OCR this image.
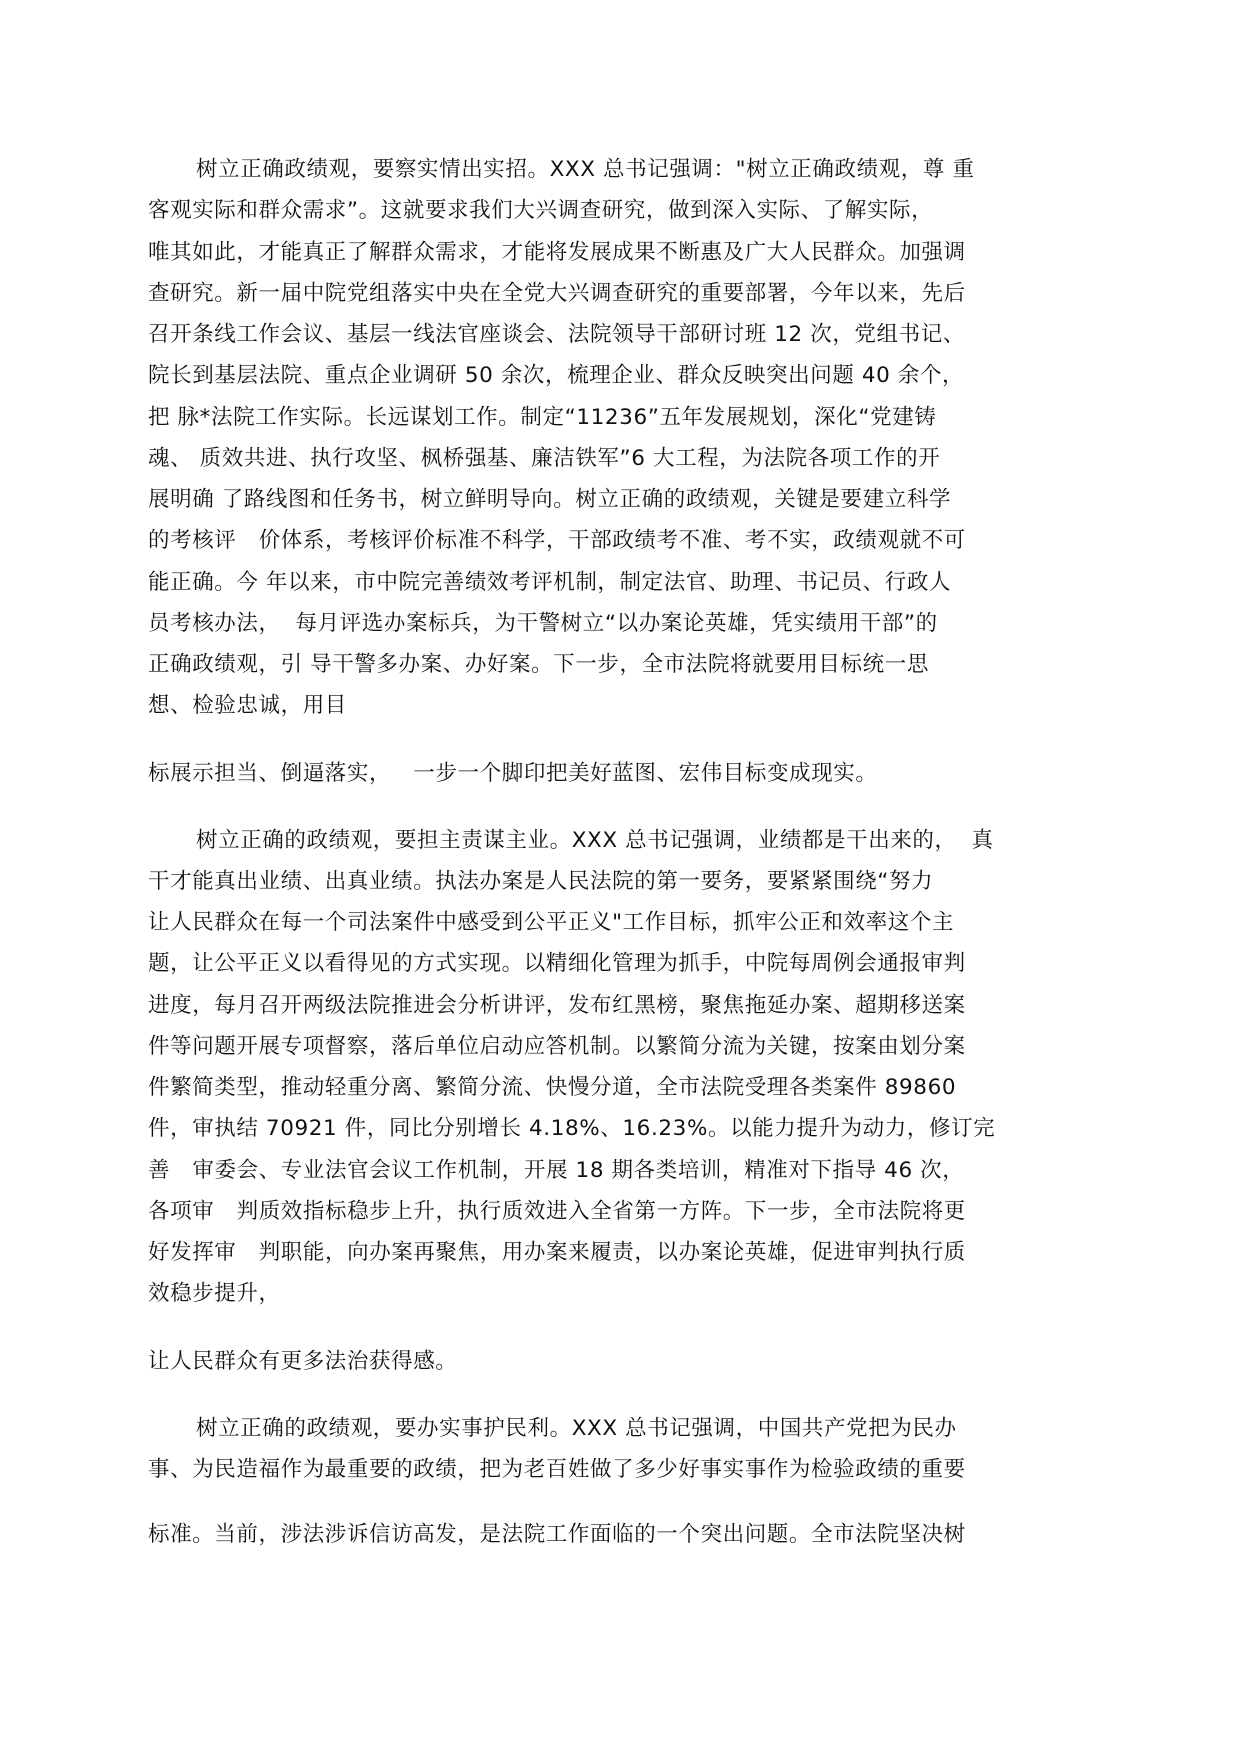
树立正确政绩观，要察实情出实招。XXX 总书记强调："树立正确政绩观，尊 重

客观实际和群众需求”。这就要求我们大兴调查研究，做到深入实际、了解实际，

唯其如此，才能真正了解群众需求，才能将发展成果不断惠及广大人民群众。加强调

查研究。新一届中院党组落实中央在全党大兴调查研究的重要部署，今年以来，先后

召开条线工作会议、基层一线法官座谈会、法院领导干部研讨班 12 次，党组书记、

院长到基层法院、重点企业调研 50 余次，梳理企业、群众反映突出问题 40 余个，

把 脉*法院工作实际。长远谋划工作。制定“11236”五年发展规划，深化“党建铸

魂、 质效共进、执行攻坚、枫桥强基、廉洁铁军”6 大工程，为法院各项工作的开

展明确 了路线图和任务书，树立鲜明导向。树立正确的政绩观，关键是要建立科学

的考核评   价体系，考核评价标准不科学，干部政绩考不准、考不实，政绩观就不可

能正确。今 年以来，市中院完善绩效考评机制，制定法官、助理、书记员、行政人

员考核办法，  每月评选办案标兵，为干警树立“以办案论英雄，凭实绩用干部”的

正确政绩观，引 导干警多办案、办好案。下一步，全市法院将就要用目标统一思

想、检验忠诚，用目

标展示担当、倒逼落实，   一步一个脚印把美好蓝图、宏伟目标变成现实。

树立正确的政绩观，要担主责谋主业。XXX 总书记强调，业绩都是干出来的，  真

干才能真出业绩、出真业绩。执法办案是人民法院的第一要务，要紧紧围绕“努力

让人民群众在每一个司法案件中感受到公平正义"工作目标，抓牢公正和效率这个主

题，让公平正义以看得见的方式实现。以精细化管理为抓手，中院每周例会通报审判

进度，每月召开两级法院推进会分析讲评，发布红黑榜，聚焦拖延办案、超期移送案

件等问题开展专项督察，落后单位启动应答机制。以繁简分流为关键，按案由划分案

件繁简类型，推动轻重分离、繁简分流、快慢分道，全市法院受理各类案件 89860

件，审执结 70921 件，同比分别增长 4.18%、16.23%。以能力提升为动力，修订完

善   审委会、专业法官会议工作机制，开展 18 期各类培训，精准对下指导 46 次，

各项审   判质效指标稳步上升，执行质效进入全省第一方阵。下一步，全市法院将更

好发挥审   判职能，向办案再聚焦，用办案来履责，以办案论英雄，促进审判执行质

效稳步提升，

让人民群众有更多法治获得感。

树立正确的政绩观，要办实事护民利。XXX 总书记强调，中国共产党把为民办

事、为民造福作为最重要的政绩，把为老百姓做了多少好事实事作为检验政绩的重要

标准。当前，涉法涉诉信访高发，是法院工作面临的一个突出问题。全市法院坚决树
